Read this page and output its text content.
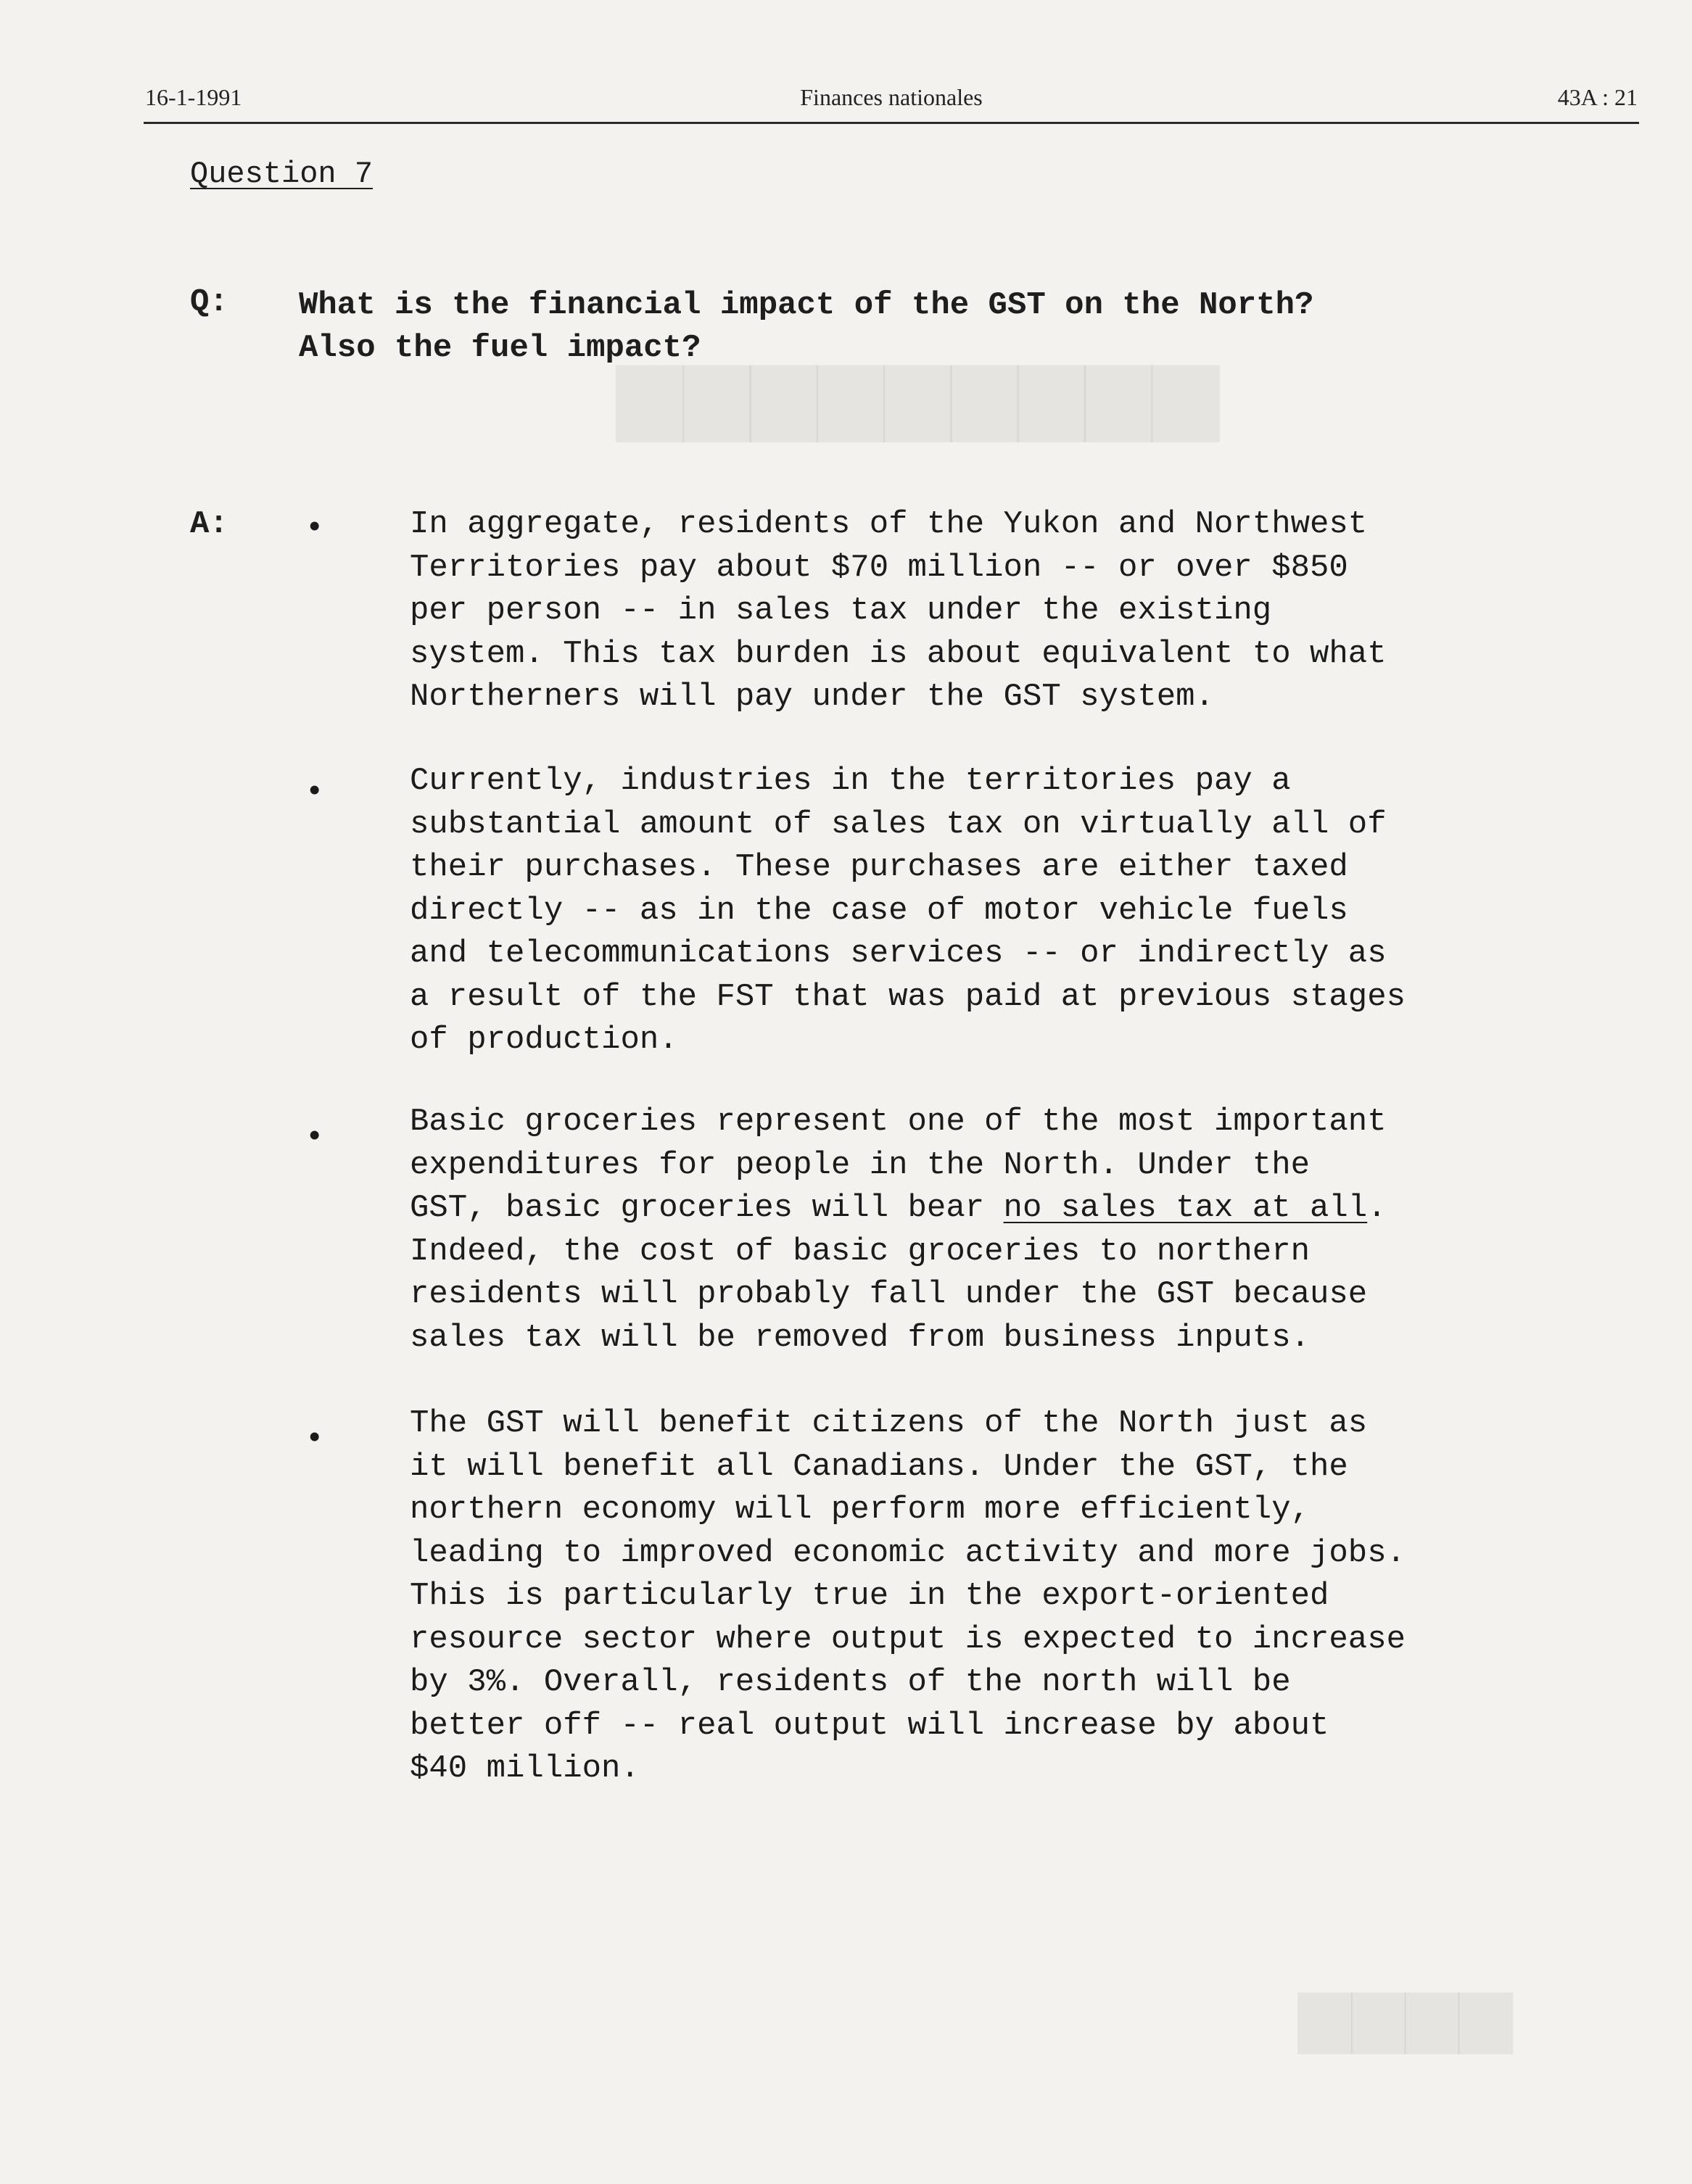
▆▆▆▆▆▆▆▆▆
16-1-1991	Finances nationales	43A : 21
Question 7
Q: What is the financial impact of the GST on the North?
Also the fuel impact?
A:	•	In aggregate, residents of the Yukon and Northwest
Territories pay about $70 million -- or over $850
per person -- in sales tax under the existing
system. This tax burden is about equivalent to what
Northerners will pay under the GST system.
•	Currently, industries in the territories pay a
substantial amount of sales tax on virtually all of
their purchases. These purchases are either taxed
directly -- as in the case of motor vehicle fuels
and telecommunications services -- or indirectly as
a result of the FST that was paid at previous stages
of production.
•	Basic groceries represent one of the most important
expenditures for people in the North. Under the
GST, basic groceries will bear no sales tax at all.
Indeed, the cost of basic groceries to northern
residents will probably fall under the GST because
sales tax will be removed from business inputs.
•	The GST will benefit citizens of the North just as
it will benefit all Canadians. Under the GST, the
northern economy will perform more efficiently,
leading to improved economic activity and more jobs.
This is particularly true in the export-oriented
resource sector where output is expected to increase
by 3%. Overall, residents of the north will be
better off -- real output will increase by about
$40 million.
▆▆▆▆
